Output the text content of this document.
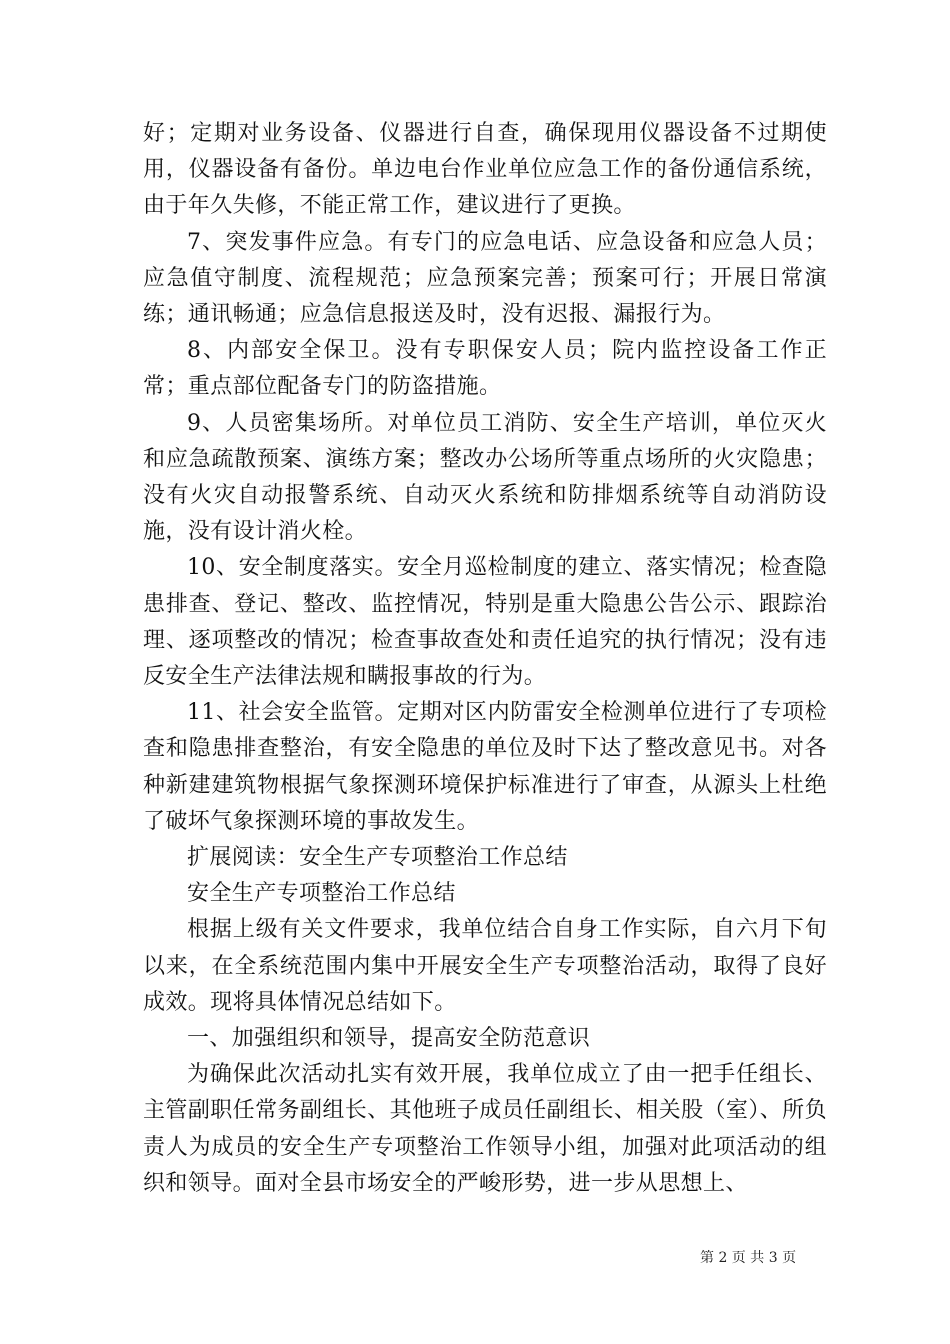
好；定期对业务设备、仪器进行自查，确保现用仪器设备不过期使用，仪器设备有备份。单边电台作业单位应急工作的备份通信系统，由于年久失修，不能正常工作，建议进行了更换。

7、突发事件应急。有专门的应急电话、应急设备和应急人员；应急值守制度、流程规范；应急预案完善；预案可行；开展日常演练；通讯畅通；应急信息报送及时，没有迟报、漏报行为。

8、内部安全保卫。没有专职保安人员；院内监控设备工作正常；重点部位配备专门的防盗措施。

9、人员密集场所。对单位员工消防、安全生产培训，单位灭火和应急疏散预案、演练方案；整改办公场所等重点场所的火灾隐患；没有火灾自动报警系统、自动灭火系统和防排烟系统等自动消防设施，没有设计消火栓。

10、安全制度落实。安全月巡检制度的建立、落实情况；检查隐患排查、登记、整改、监控情况，特别是重大隐患公告公示、跟踪治理、逐项整改的情况；检查事故查处和责任追究的执行情况；没有违反安全生产法律法规和瞒报事故的行为。

11、社会安全监管。定期对区内防雷安全检测单位进行了专项检查和隐患排查整治，有安全隐患的单位及时下达了整改意见书。对各种新建建筑物根据气象探测环境保护标准进行了审查，从源头上杜绝了破坏气象探测环境的事故发生。

扩展阅读：安全生产专项整治工作总结

安全生产专项整治工作总结

根据上级有关文件要求，我单位结合自身工作实际，自六月下旬以来，在全系统范围内集中开展安全生产专项整治活动，取得了良好成效。现将具体情况总结如下。

一、加强组织和领导，提高安全防范意识

为确保此次活动扎实有效开展，我单位成立了由一把手任组长、主管副职任常务副组长、其他班子成员任副组长、相关股（室）、所负责人为成员的安全生产专项整治工作领导小组，加强对此项活动的组织和领导。面对全县市场安全的严峻形势，进一步从思想上、

第 2 页 共 3 页
